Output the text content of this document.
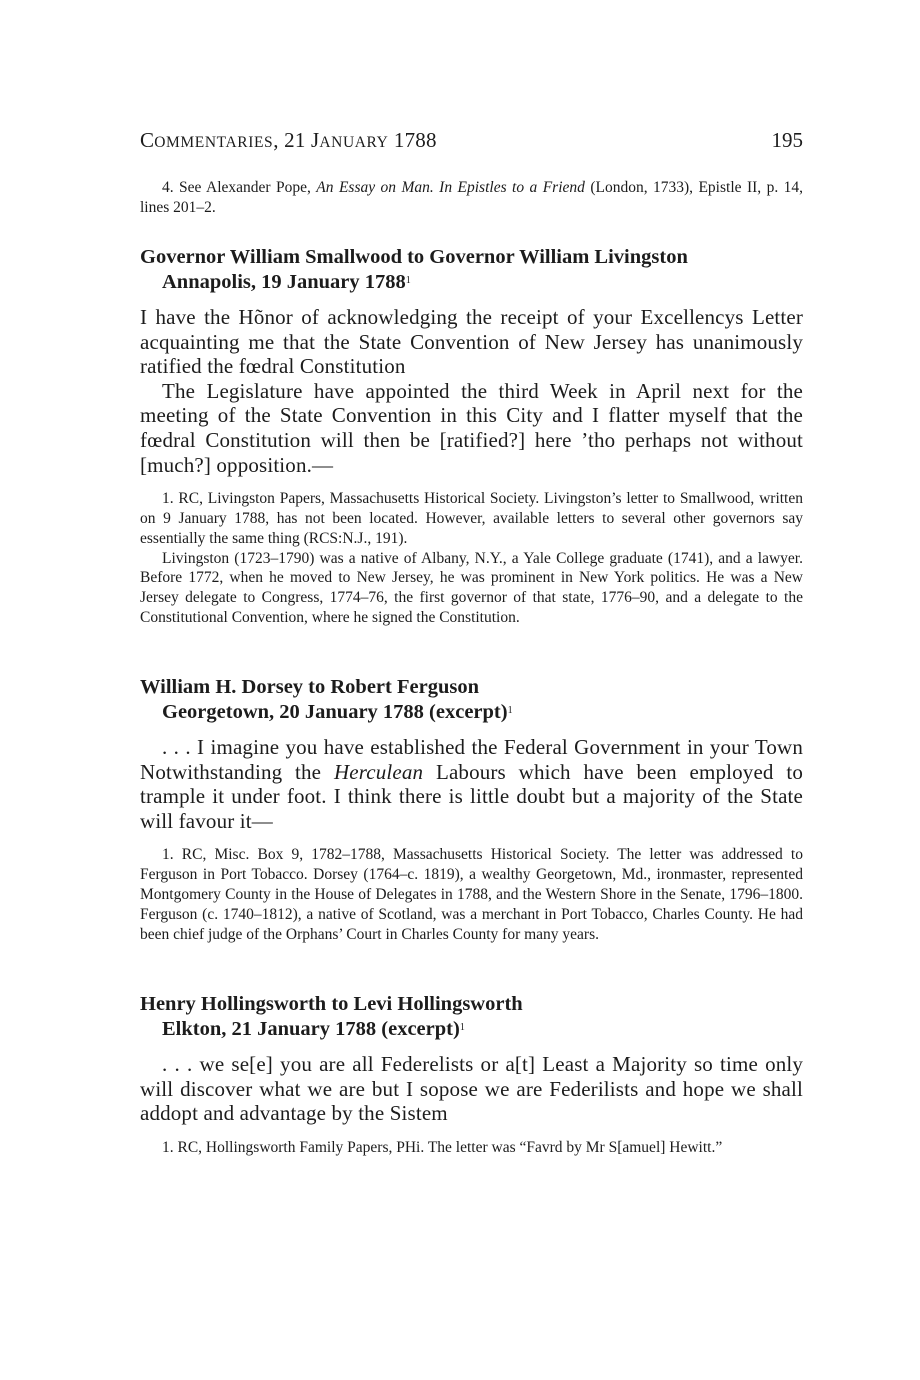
COMMENTARIES, 21 JANUARY 1788	195

4. See Alexander Pope, An Essay on Man. In Epistles to a Friend (London, 1733), Epistle II, p. 14, lines 201–2.

Governor William Smallwood to Governor William Livingston

Annapolis, 19 January 1788$^1$

I have the Hõnor of acknowledging the receipt of your Excellencys Letter acquainting me that the State Convention of New Jersey has unanimously ratified the fœdral Constitution

The Legislature have appointed the third Week in April next for the meeting of the State Convention in this City and I flatter myself that the fœdral Constitution will then be [ratified?] here ’tho perhaps not without [much?] opposition.—

1. RC, Livingston Papers, Massachusetts Historical Society. Livingston’s letter to Smallwood, written on 9 January 1788, has not been located. However, available letters to several other governors say essentially the same thing (RCS:N.J., 191).

Livingston (1723–1790) was a native of Albany, N.Y., a Yale College graduate (1741), and a lawyer. Before 1772, when he moved to New Jersey, he was prominent in New York politics. He was a New Jersey delegate to Congress, 1774–76, the first governor of that state, 1776–90, and a delegate to the Constitutional Convention, where he signed the Constitution.

William H. Dorsey to Robert Ferguson

Georgetown, 20 January 1788 (excerpt)$^1$

. . . I imagine you have established the Federal Government in your Town Notwithstanding the Herculean Labours which have been employed to trample it under foot. I think there is little doubt but a majority of the State will favour it—

1. RC, Misc. Box 9, 1782–1788, Massachusetts Historical Society. The letter was addressed to Ferguson in Port Tobacco. Dorsey (1764–c. 1819), a wealthy Georgetown, Md., ironmaster, represented Montgomery County in the House of Delegates in 1788, and the Western Shore in the Senate, 1796–1800. Ferguson (c. 1740–1812), a native of Scotland, was a merchant in Port Tobacco, Charles County. He had been chief judge of the Orphans’ Court in Charles County for many years.

Henry Hollingsworth to Levi Hollingsworth

Elkton, 21 January 1788 (excerpt)$^1$

. . . we se[e] you are all Federelists or a[t] Least a Majority so time only will discover what we are but I sopose we are Federilists and hope we shall addopt and advantage by the Sistem

1. RC, Hollingsworth Family Papers, PHi. The letter was “Favrd by Mr S[amuel] Hewitt.”
